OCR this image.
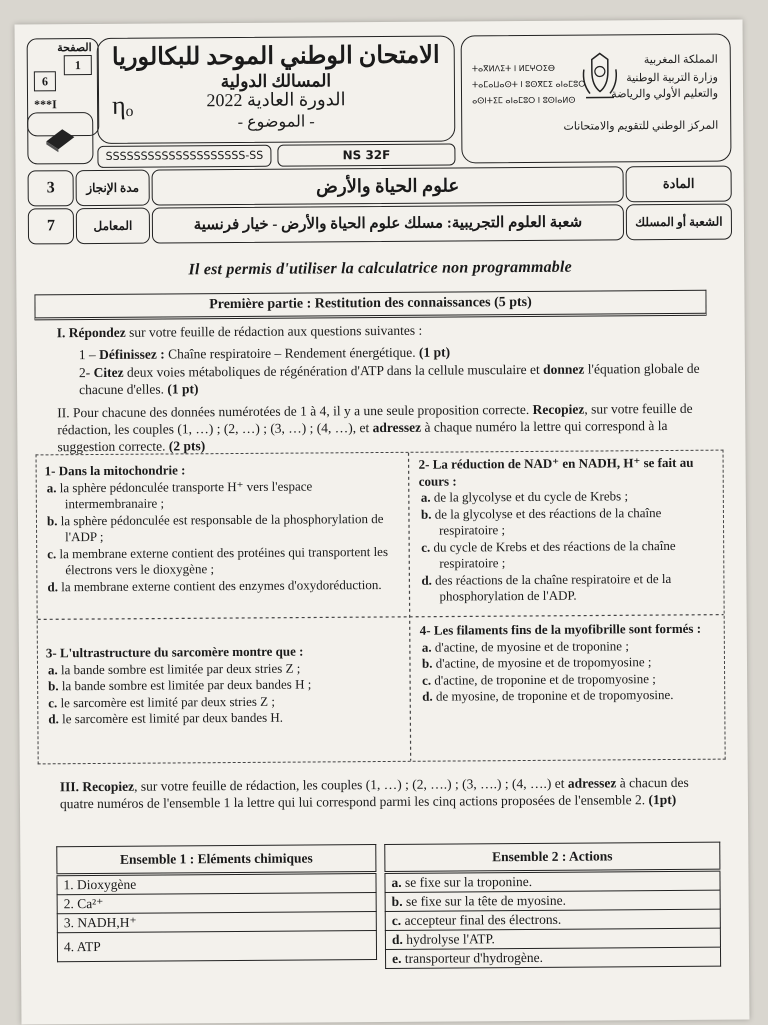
الصفحة
1
6
***I
الامتحان الوطني الموحد للبكالوريا
المسالك الدولية
الدورة العادية 2022
- الموضوع -
ηₒ
SSSSSSSSSSSSSSSSSSSS-SS	NS 32F
ⵜⴰⴳⵍⴷⵉⵜ ⵏ ⵍⵎⵖⵔⵉⴱ
ⵜⴰⵎⴰⵡⴰⵙⵜ ⵏ ⵓⵙⴳⵎⵉ ⴰⵏⴰⵎⵓⵔ
ⴰⵙⵏⵜⵉⵎ ⴰⵏⴰⵎⵓⵔ ⵏ ⵓⵙⵏⴰⵍⵙ
المملكة المغربية
وزارة التربية الوطنية
والتعليم الأولي والرياضة
المركز الوطني للتقويم والامتحانات
3	مدة الإنجاز	علوم الحياة والأرض	المادة
7	المعامل	شعبة العلوم التجريبية: مسلك علوم الحياة والأرض - خيار فرنسية	الشعبة أو المسلك
Il est permis d'utiliser la calculatrice non programmable
Première partie : Restitution des connaissances (5 pts)
I. Répondez sur votre feuille de rédaction aux questions suivantes :
1 – Définissez : Chaîne respiratoire – Rendement énergétique. (1 pt)
2- Citez deux voies métaboliques de régénération d'ATP dans la cellule musculaire et donnez l'équation globale de chacune d'elles. (1 pt)
II. Pour chacune des données numérotées de 1 à 4, il y a une seule proposition correcte. Recopiez, sur votre feuille de rédaction, les couples (1, …) ; (2, …) ; (3, …) ; (4, …), et adressez à chaque numéro la lettre qui correspond à la suggestion correcte. (2 pts)
1- Dans la mitochondrie :

a. la sphère pédonculée transporte H⁺ vers l'espace intermembranaire ;

b. la sphère pédonculée est responsable de la phosphorylation de l'ADP ;

c. la membrane externe contient des protéines qui transportent les électrons vers le dioxygène ;

d. la membrane externe contient des enzymes d'oxydoréduction.

2- La réduction de NAD⁺ en NADH, H⁺ se fait au cours :

a. de la glycolyse et du cycle de Krebs ;

b. de la glycolyse et des réactions de la chaîne respiratoire ;

c. du cycle de Krebs et des réactions de la chaîne respiratoire ;

d. des réactions de la chaîne respiratoire et de la phosphorylation de l'ADP.

3- L'ultrastructure du sarcomère montre que :

a. la bande sombre est limitée par deux stries Z ;

b. la bande sombre est limitée par deux bandes H ;

c. le sarcomère est limité par deux stries Z ;

d. le sarcomère est limité par deux bandes H.

4- Les filaments fins de la myofibrille sont formés :

a. d'actine, de myosine et de troponine ;

b. d'actine, de myosine et de tropomyosine ;

c. d'actine, de troponine et de tropomyosine ;

d. de myosine, de troponine et de tropomyosine.

III. Recopiez, sur votre feuille de rédaction, les couples (1, …) ; (2, ….) ; (3, ….) ; (4, ….) et adressez à chacun des quatre numéros de l'ensemble 1 la lettre qui lui correspond parmi les cinq actions proposées de l'ensemble 2. (1pt)
Ensemble 1 : Eléments chimiques
1. Dioxygène
2. Ca²⁺
3. NADH,H⁺
4. ATP
Ensemble 2 : Actions
a. se fixe sur la troponine.
b. se fixe sur la tête de myosine.
c. accepteur final des électrons.
d. hydrolyse l'ATP.
e. transporteur d'hydrogène.
